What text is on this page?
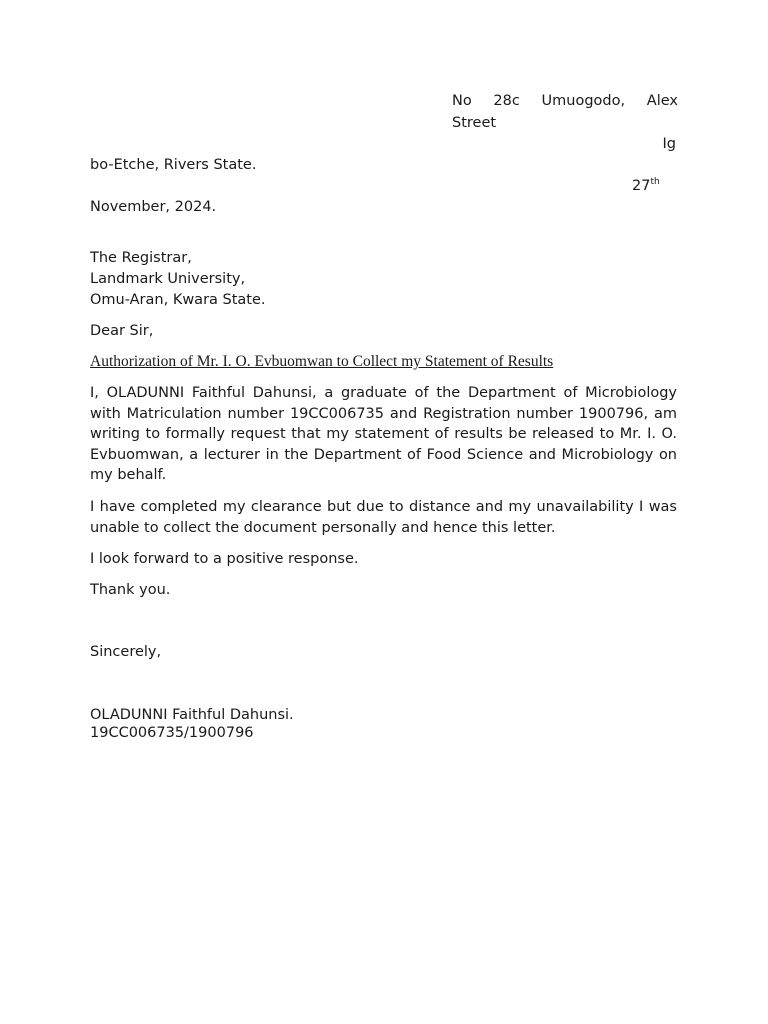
No 28c Umuogodo, Alex
Street
Ig
bo-Etche, Rivers State.
27th
November, 2024.
The Registrar,
Landmark University,
Omu-Aran, Kwara State.
Dear Sir,
Authorization of Mr. I. O. Evbuomwan to Collect my Statement of Results
I, OLADUNNI Faithful Dahunsi, a graduate of the Department of Microbiology with Matriculation number 19CC006735 and Registration number 1900796, am writing to formally request that my statement of results be released to Mr. I. O. Evbuomwan, a lecturer in the Department of Food Science and Microbiology on my behalf.
I have completed my clearance but due to distance and my unavailability I was unable to collect the document personally and hence this letter.
I look forward to a positive response.
Thank you.
Sincerely,
OLADUNNI Faithful Dahunsi.
19CC006735/1900796
